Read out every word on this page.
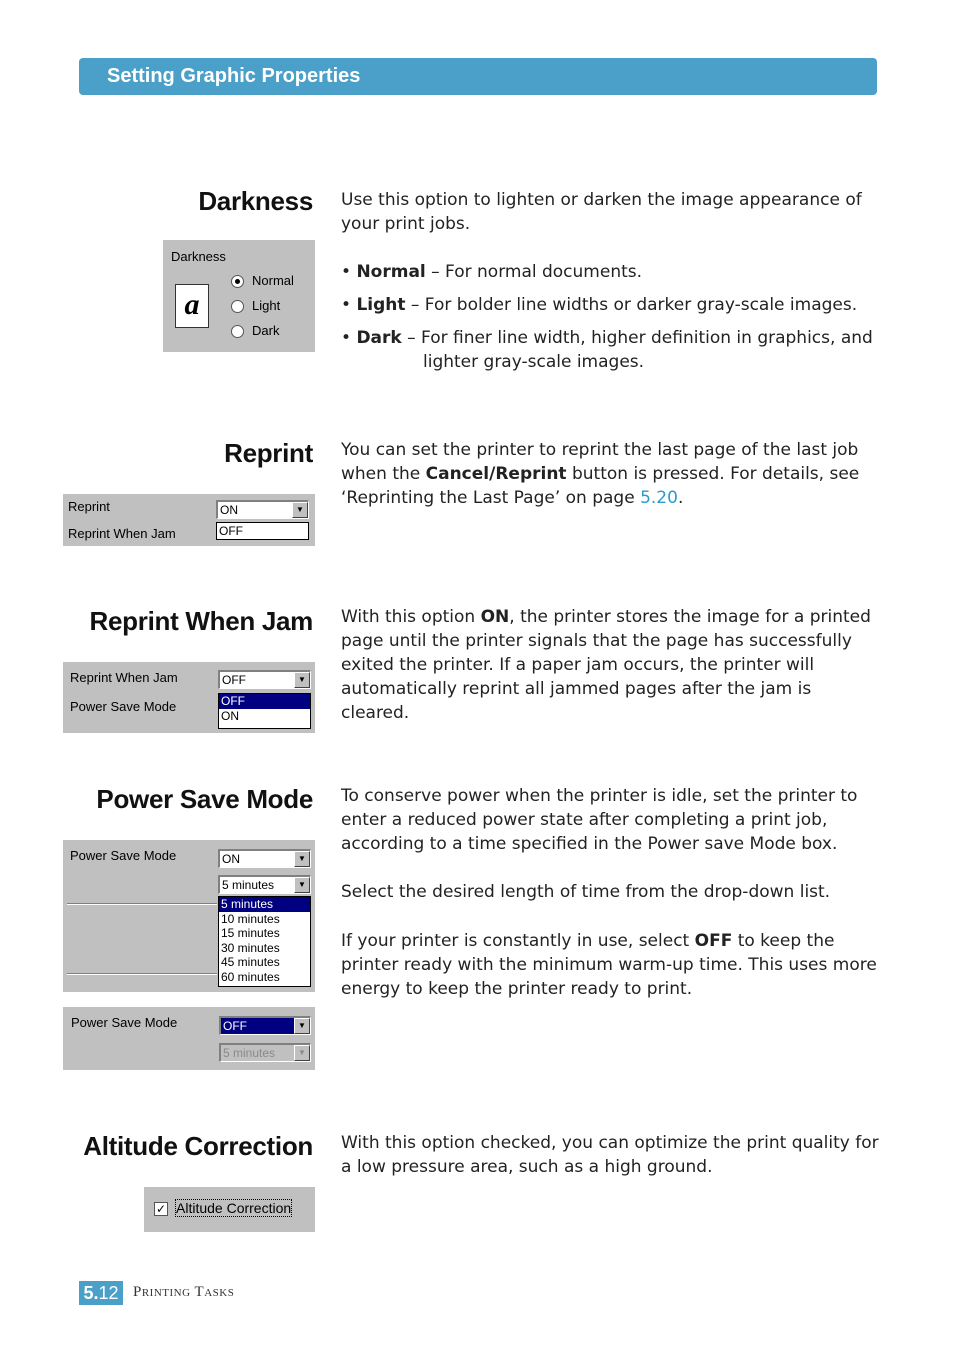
Setting Graphic Properties
Darkness
Darkness
a
Normal
Light
Dark

Use this option to lighten or darken the image appearance of your print jobs.

• Normal – For normal documents.

• Light – For bolder line widths or darker gray-scale images.

• Dark – For finer line width, higher definition in graphics, and lighter gray-scale images.

Reprint
Reprint	ON	▼
Reprint When Jam	OFF

You can set the printer to reprint the last page of the last job when the Cancel/Reprint button is pressed. For details, see ‘Reprinting the Last Page’ on page 5.20.

Reprint When Jam
Reprint When Jam	OFF	▼
Power Save Mode	OFF
ON

With this option ON, the printer stores the image for a printed page until the printer signals that the page has successfully exited the printer. If a paper jam occurs, the printer will automatically reprint all jammed pages after the jam is cleared.

Power Save Mode
Power Save Mode	ON	▼
5 minutes	▼
5 minutes
10 minutes
15 minutes
30 minutes
45 minutes
60 minutes
Power Save Mode	OFF	▼
5 minutes	▼

To conserve power when the printer is idle, set the printer to enter a reduced power state after completing a print job, according to a time specified in the Power save Mode box.

Select the desired length of time from the drop-down list.

If your printer is constantly in use, select OFF to keep the printer ready with the minimum warm-up time. This uses more energy to keep the printer ready to print.

Altitude Correction
✓ Altitude Correction
With this option checked, you can optimize the print quality for a low pressure area, such as a high ground.
5.12 Printing Tasks
